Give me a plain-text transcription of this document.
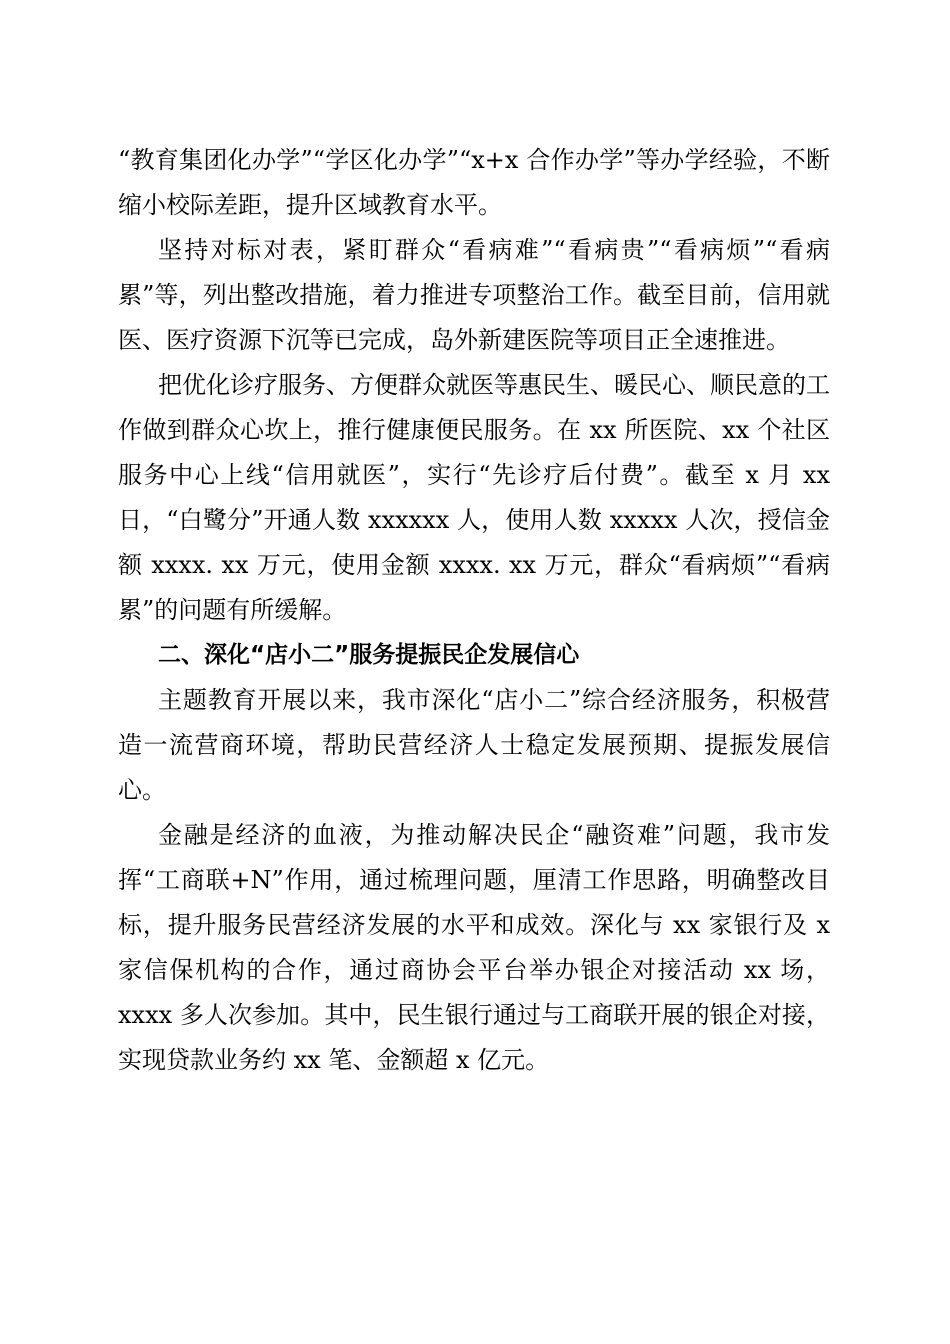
“教育集团化办学”“学区化办学”“x+x 合作办学”等办学经验，不断缩小校际差距，提升区域教育水平。

坚持对标对表，紧盯群众“看病难”“看病贵”“看病烦”“看病累”等，列出整改措施，着力推进专项整治工作。截至目前，信用就医、医疗资源下沉等已完成，岛外新建医院等项目正全速推进。

把优化诊疗服务、方便群众就医等惠民生、暖民心、顺民意的工作做到群众心坎上，推行健康便民服务。在 xx 所医院、xx 个社区服务中心上线“信用就医”，实行“先诊疗后付费”。截至 x 月 xx 日，“白鹭分”开通人数 xxxxxx 人，使用人数 xxxxx 人次，授信金额 xxxx. xx 万元，使用金额 xxxx. xx 万元，群众“看病烦”“看病累”的问题有所缓解。

二、深化“店小二”服务提振民企发展信心

主题教育开展以来，我市深化“店小二”综合经济服务，积极营造一流营商环境，帮助民营经济人士稳定发展预期、提振发展信心。

金融是经济的血液，为推动解决民企“融资难”问题，我市发挥“工商联+N”作用，通过梳理问题，厘清工作思路，明确整改目标，提升服务民营经济发展的水平和成效。深化与 xx 家银行及 x 家信保机构的合作，通过商协会平台举办银企对接活动 xx 场，xxxx 多人次参加。其中，民生银行通过与工商联开展的银企对接，实现贷款业务约 xx 笔、金额超 x 亿元。
